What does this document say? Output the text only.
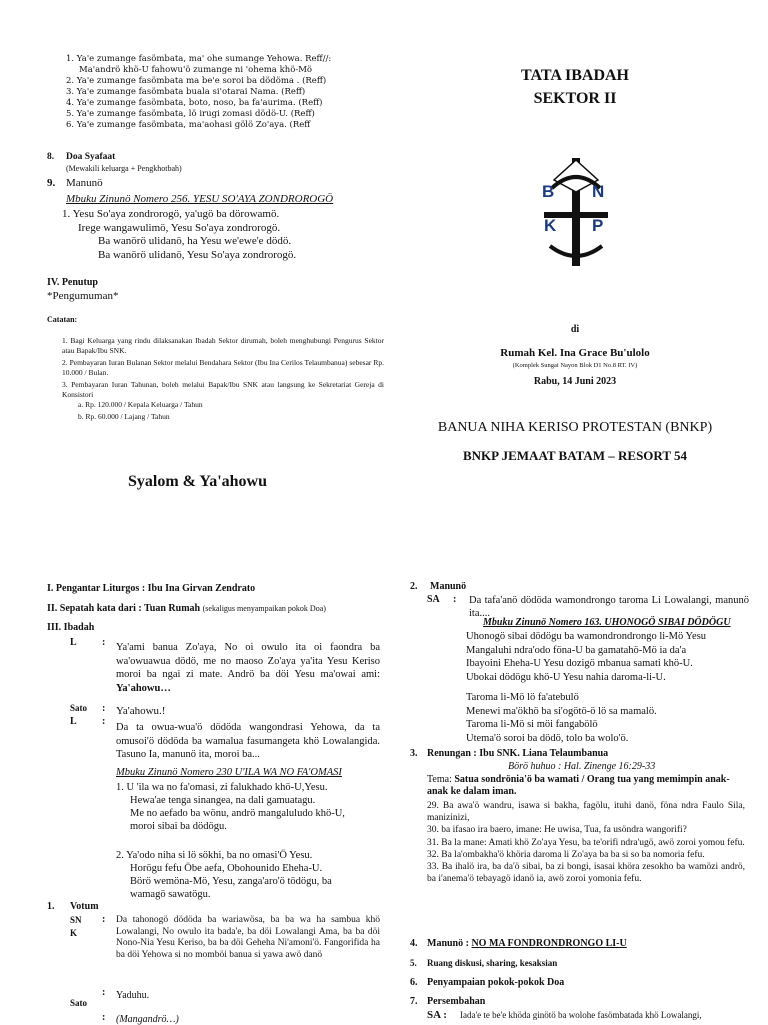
1. Ya'e zumange fasömbata, ma' ohe sumange Yehowa. Reff//:
Ma'andrö khö-U fahowu'ö zumange ni 'ohema khö-Mö
2. Ya'e zumange fasömbata ma be'e sorоi ba dödöma . (Reff)
3. Ya'e zumange fasömbata buala si'otarai Nama. (Reff)
4. Ya'e zumange fasömbata, boto, noso, ba fa'aurima. (Reff)
5. Ya'e zumange fasömbata, lö irugi zomasi dödö-U. (Reff)
6. Ya'e zumange fasömbata, ma'aohasi gölö Zo'aya. (Reff
8. Doa Syafaat
(Mewakili keluarga + Pengkhotbah)
9. Manunö
Mbuku Zinunö Nomero 256. YESU SO'AYA ZONDROROGÖ
1. Yesu So'aya zondrorogö, ya'ugö ba dörowamö.
Irege wangawulimö, Yesu So'aya zondrorogö.
Ba wanörö ulidanö, ha Yesu we'ewe'e dödö.
Ba wanörö ulidanö, Yesu So'aya zondrorogö.
IV. Penutup
*Pengumuman*
Catatan:
1. Bagi Keluarga yang rindu dilaksanakan Ibadah Sektor dirumah, boleh menghubungi Pengurus Sektor atau Bapak/Ibu SNK.
2. Pembayaran Iuran Bulanan Sektor melalui Bendahara Sektor (Ibu Ina Cerilos Telaumbanua) sebesar Rp. 10.000 / Bulan.
3. Pembayaran Iuran Tahunan, boleh melalui Bapak/Ibu SNK atau langsung ke Sekretariat Gereja di Konsistori
a. Rp. 120.000 / Kepala Keluarga / Tahun
b. Rp. 60.000 / Lajang / Tahun
Syalom & Ya'ahowu
TATA IBADAH
SEKTOR II
B N
K P
di
Rumah Kel. Ina Grace Bu'ulolo
(Komplek Sungai Nayon Blok D1 No.8 RT. IV)
Rabu, 14 Juni 2023
BANUA NIHA KERISO PROTESTAN (BNKP)
BNKP JEMAAT BATAM – RESORT 54
I. Pengantar Liturgos : Ibu Ina Girvan Zendrato
II. Sepatah kata dari : Tuan Rumah (sekaligus menyampaikan pokok Doa)
III. Ibadah
L	: Ya'ami banua Zo'aya, No oi owulo ita oi faondra ba wa'owuawua dödö, me no maoso Zo'aya ya'ita Yesu Keriso moroi ba ngai zi mate. Andrö ba döi Yesu ma'owai ami: Ya'ahowu…
Sato : Ya'ahowu.!
L	:
Da ta owua-wua'ö dödöda wangondrasi Yehowa, da ta omusoi'ö dödöda ba wamalua fasumangeta khö Lowalangida. Tasuno Ia, manunö ita, moroi ba...
Mbuku Zinunö Nomero 230 U'ILA WA NO FA'OMASI
1. U 'ila wa no fa'omasi, zi falukhado khö-U,Yesu.
Hewa'ae tenga sinangea, na dali gamuatagu.
Me no aefado ba wönu, andrö mangaluludo khö-U,
moroi sibai ba dödögu.
2. Ya'odo niha si lö sökhi, ba no omasi'Ö Yesu.
Horögu fefu Öbe aefa, Obohounido Eheha-U.
Börö wemöna-Mö, Yesu, zanga'aro'ö tödögu, ba
wamagö sawatögu.
1. Votum
SN K
: Da tahonogö dödöda ba wariawösa, ba ba wa ha sambua khö Lowalangi, No owulo ita bada'e, ba döi Lowalangi Ama, ba ba döi Nono-Nia Yesu Keriso, ba ba döi Geheha Ni'amoni'ö. Fangorifida ha ba döi Yehowa si no momböi banua si yawa awö danö
Sato
: Yaduhu.
: (Mangandrö…)
2. Manunö
SA : Da tafa'anö dödöda wamondrongo taroma Li Lowalangi, manunö ita....
Mbuku Zinunö Nomero 163. UHONOGÖ SIBAI DÖDÖGU
Uhonogö sibai dödögu ba wamondrondrongo li-Mö Yesu
Mangaluhi ndra'odo föna-U ba gamatahö-Mö ia da'a
Ibayoini Eheha-U Yesu dozigö mbanua samati khö-U.
Ubokai dödögu khö-U Yesu nahia daroma-li-U.
Taroma li-Mö lö fa'atebulö
Menewi ma'ökhö ba si'ogötö-ö lö sa mamalö.
Taroma li-Mö si möi fangabölö
Utema'ö sorоi ba dödö, tolo ba wolo'ö.
3. Renungan : Ibu SNK. Liana Telaumbanua
Börö huhuo : Hal. Zinenge 16:29-33
Tema: Satua sondrönia'ö ba wamati / Orang tua yang memimpin anak-anak ke dalam iman.
29. Ba awa'ö wandru, isawa si bakha, fagölu, ituhi danö, föna ndra Faulo Sila, manizinizi,
30. ba ifasao ira baero, imane: He uwisa, Tua, fa usöndra wangorifi?
31. Ba la mane: Amati khö Zo'aya Yesu, ba te'orifi ndra'ugö, awö zorоi yomou fefu.
32. Ba la'ombakha'ö khöria daroma li Zo'aya ba ba si so ba nomoria fefu.
33. Ba ihalö ira, ba da'ö sibai, ba zi bongi, isasai khöra zesokho ba wamözi andrö, ba i'anema'ö tebayagö idanö ia, awö zorоi yomonia fefu.
4. Manunö : NO MA FONDRONDRONGO LI-U
5. Ruang diskusi, sharing, kesaksian
6. Penyampaian pokok-pokok Doa
7. Persembahan
SA : Iada'e te be'e khöda ginötö ba wolohe fasömbatada khö Lowalangi,
